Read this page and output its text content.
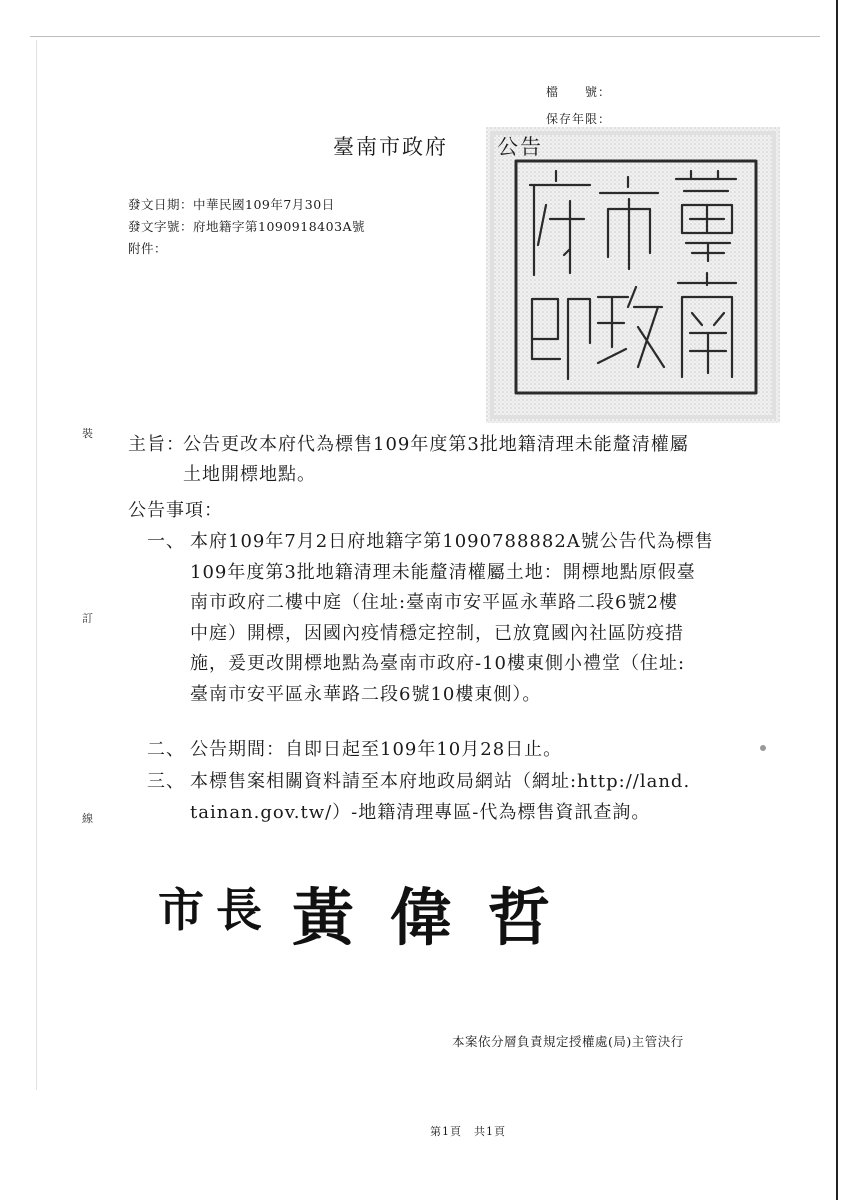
檔　　號：
保存年限：
臺南市政府 公告
發文日期：中華民國109年7月30日
發文字號：府地籍字第1090918403A號
附件：
裝
訂
線
主旨：
公告更改本府代為標售109年度第3批地籍清理未能釐清權屬
土地開標地點。
公告事項：
一、 本府109年7月2日府地籍字第1090788882A號公告代為標售
109年度第3批地籍清理未能釐清權屬土地：開標地點原假臺
南市政府二樓中庭（住址:臺南市安平區永華路二段6號2樓
中庭）開標，因國內疫情穩定控制，已放寬國內社區防疫措
施，爰更改開標地點為臺南市政府-10樓東側小禮堂（住址:
臺南市安平區永華路二段6號10樓東側）。
二、 公告期間：自即日起至109年10月28日止。
三、 本標售案相關資料請至本府地政局網站（網址:http://land.
tainan.gov.tw/）-地籍清理專區-代為標售資訊查詢。
市 長 黃 偉 哲
本案依分層負責規定授權處(局)主管決行
第1頁　共1頁
